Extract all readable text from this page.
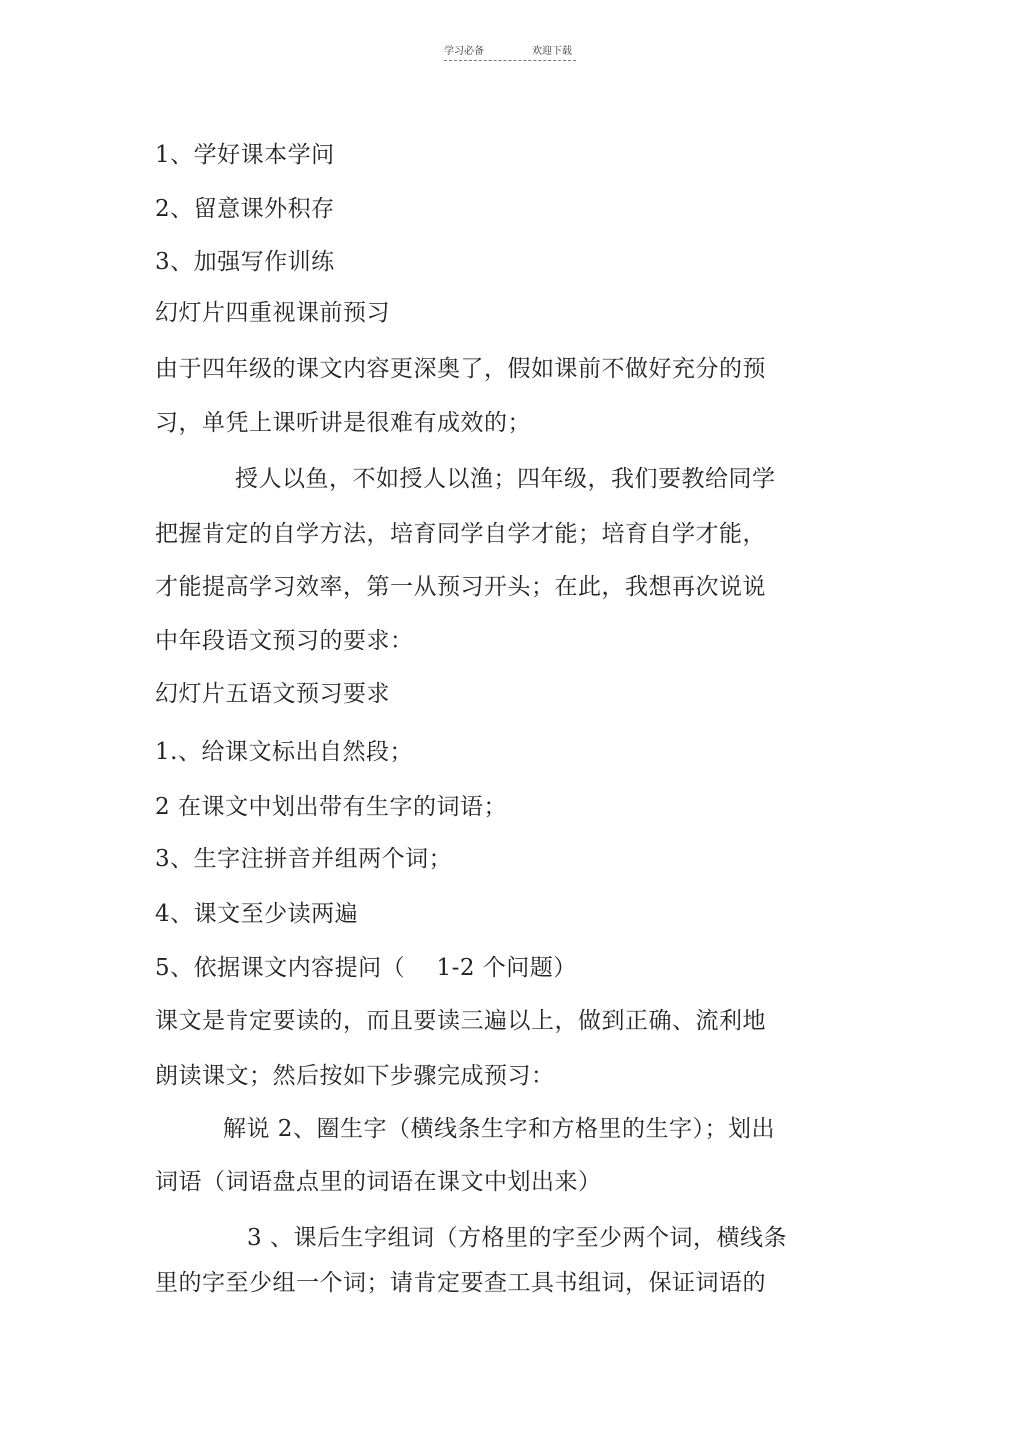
学习必备	欢迎下载
1、学好课本学问
2、留意课外积存
3、加强写作训练
幻灯片四重视课前预习
由于四年级的课文内容更深奥了，假如课前不做好充分的预
习，单凭上课听讲是很难有成效的；
授人以鱼，不如授人以渔；四年级，我们要教给同学
把握肯定的自学方法，培育同学自学才能；培育自学才能，
才能提高学习效率，第一从预习开头；在此，我想再次说说
中年段语文预习的要求：
幻灯片五语文预习要求
1.、给课文标出自然段；
2 在课文中划出带有生字的词语；
3、生字注拼音并组两个词；
4、课文至少读两遍
5、依据课文内容提问（　 1-2 个问题）
课文是肯定要读的，而且要读三遍以上，做到正确、流利地
朗读课文；然后按如下步骤完成预习：
解说 2、圈生字（横线条生字和方格里的生字）；划出
词语（词语盘点里的词语在课文中划出来）
3 、课后生字组词（方格里的字至少两个词，横线条
里的字至少组一个词；请肯定要查工具书组词，保证词语的
